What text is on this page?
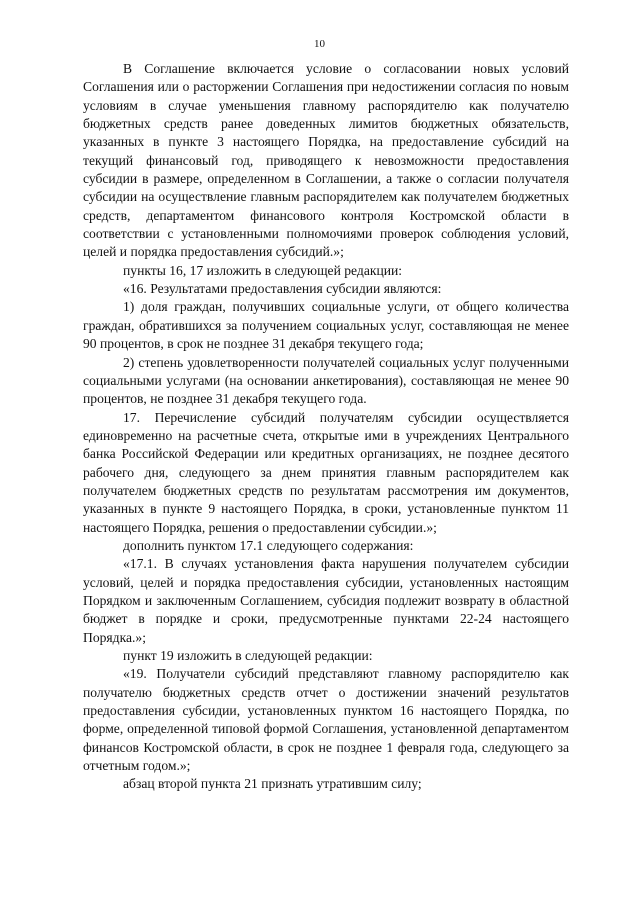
10

В Соглашение включается условие о согласовании новых условий Соглашения или о расторжении Соглашения при недостижении согласия по новым условиям в случае уменьшения главному распорядителю как получателю бюджетных средств ранее доведенных лимитов бюджетных обязательств, указанных в пункте 3 настоящего Порядка, на предоставление субсидий на текущий финансовый год, приводящего к невозможности предоставления субсидии в размере, определенном в Соглашении, а также о согласии получателя субсидии на осуществление главным распорядителем как получателем бюджетных средств, департаментом финансового контроля Костромской области в соответствии с установленными полномочиями проверок соблюдения условий, целей и порядка предоставления субсидий.»;

пункты 16, 17 изложить в следующей редакции:

«16. Результатами предоставления субсидии являются:

1) доля граждан, получивших социальные услуги, от общего количества граждан, обратившихся за получением социальных услуг, составляющая не менее 90 процентов, в срок не позднее 31 декабря текущего года;

2) степень удовлетворенности получателей социальных услуг полученными социальными услугами (на основании анкетирования), составляющая не менее 90 процентов, не позднее 31 декабря текущего года.

17. Перечисление субсидий получателям субсидии осуществляется единовременно на расчетные счета, открытые ими в учреждениях Центрального банка Российской Федерации или кредитных организациях, не позднее десятого рабочего дня, следующего за днем принятия главным распорядителем как получателем бюджетных средств по результатам рассмотрения им документов, указанных в пункте 9 настоящего Порядка, в сроки, установленные пунктом 11 настоящего Порядка, решения о предоставлении субсидии.»;

дополнить пунктом 17.1 следующего содержания:

«17.1. В случаях установления факта нарушения получателем субсидии условий, целей и порядка предоставления субсидии, установленных настоящим Порядком и заключенным Соглашением, субсидия подлежит возврату в областной бюджет в порядке и сроки, предусмотренные пунктами 22-24 настоящего Порядка.»;

пункт 19 изложить в следующей редакции:

«19. Получатели субсидий представляют главному распорядителю как получателю бюджетных средств отчет о достижении значений результатов предоставления субсидии, установленных пунктом 16 настоящего Порядка, по форме, определенной типовой формой Соглашения, установленной департаментом финансов Костромской области, в срок не позднее 1 февраля года, следующего за отчетным годом.»;

абзац второй пункта 21 признать утратившим силу;
